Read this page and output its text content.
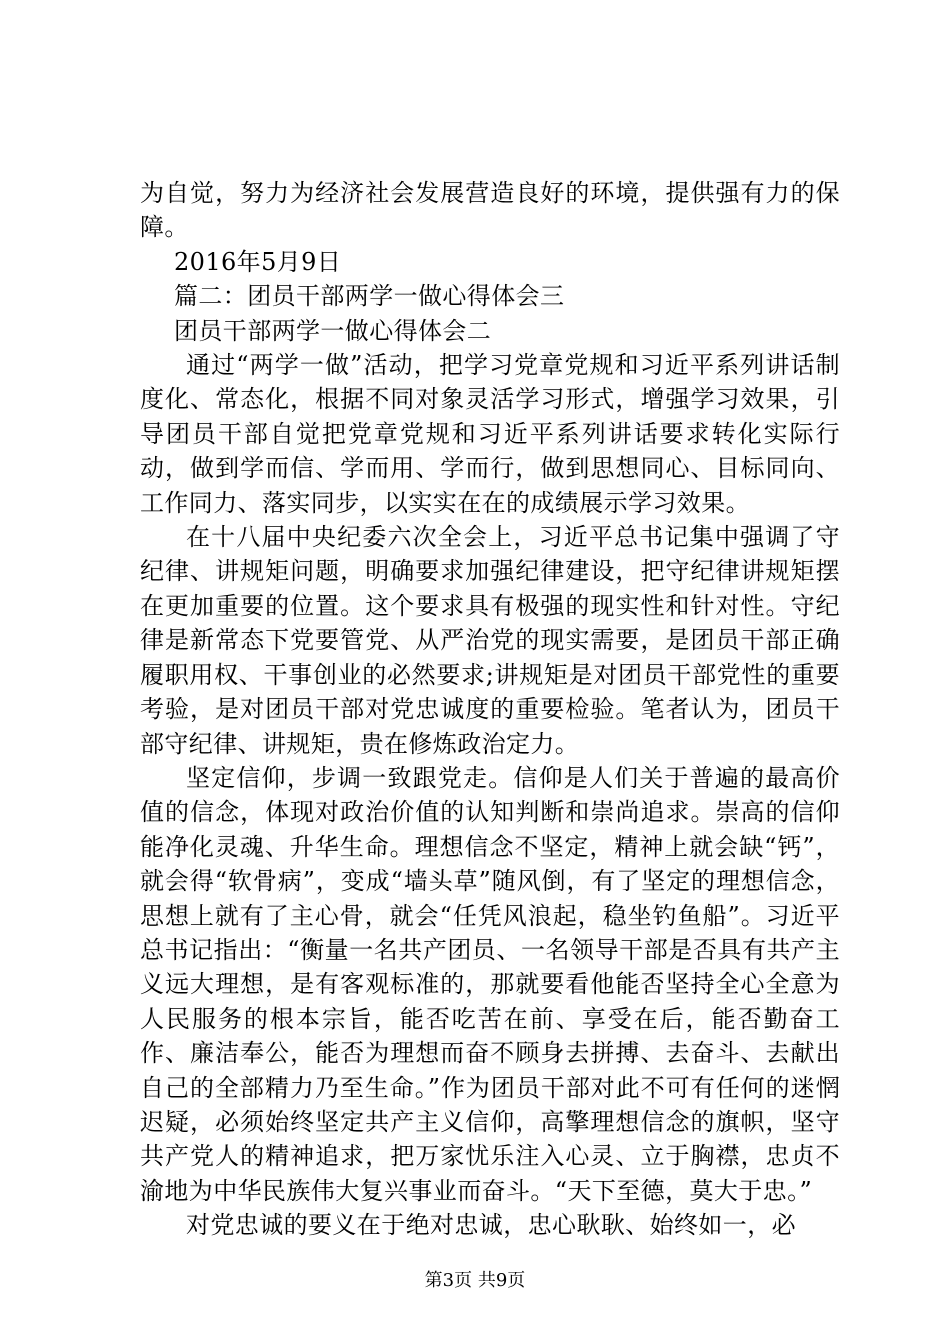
为自觉，努力为经济社会发展营造良好的环境，提供强有力的保障。

2016年5月9日

篇二：团员干部两学一做心得体会三

团员干部两学一做心得体会二

通过“两学一做”活动，把学习党章党规和习近平系列讲话制度化、常态化，根据不同对象灵活学习形式，增强学习效果，引导团员干部自觉把党章党规和习近平系列讲话要求转化实际行动，做到学而信、学而用、学而行，做到思想同心、目标同向、工作同力、落实同步，以实实在在的成绩展示学习效果。

在十八届中央纪委六次全会上，习近平总书记集中强调了守纪律、讲规矩问题，明确要求加强纪律建设，把守纪律讲规矩摆在更加重要的位置。这个要求具有极强的现实性和针对性。守纪律是新常态下党要管党、从严治党的现实需要，是团员干部正确履职用权、干事创业的必然要求;讲规矩是对团员干部党性的重要考验，是对团员干部对党忠诚度的重要检验。笔者认为，团员干部守纪律、讲规矩，贵在修炼政治定力。

坚定信仰，步调一致跟党走。信仰是人们关于普遍的最高价值的信念，体现对政治价值的认知判断和崇尚追求。崇高的信仰能净化灵魂、升华生命。理想信念不坚定，精神上就会缺“钙”，就会得“软骨病”，变成“墙头草”随风倒，有了坚定的理想信念，思想上就有了主心骨，就会“任凭风浪起，稳坐钓鱼船”。习近平总书记指出：“衡量一名共产团员、一名领导干部是否具有共产主义远大理想，是有客观标准的，那就要看他能否坚持全心全意为人民服务的根本宗旨，能否吃苦在前、享受在后，能否勤奋工作、廉洁奉公，能否为理想而奋不顾身去拼搏、去奋斗、去献出自己的全部精力乃至生命。”作为团员干部对此不可有任何的迷惘迟疑，必须始终坚定共产主义信仰，高擎理想信念的旗帜，坚守共产党人的精神追求，把万家忧乐注入心灵、立于胸襟，忠贞不渝地为中华民族伟大复兴事业而奋斗。“天下至德，莫大于忠。”

对党忠诚的要义在于绝对忠诚，忠心耿耿、始终如一，必

第3页 共9页
